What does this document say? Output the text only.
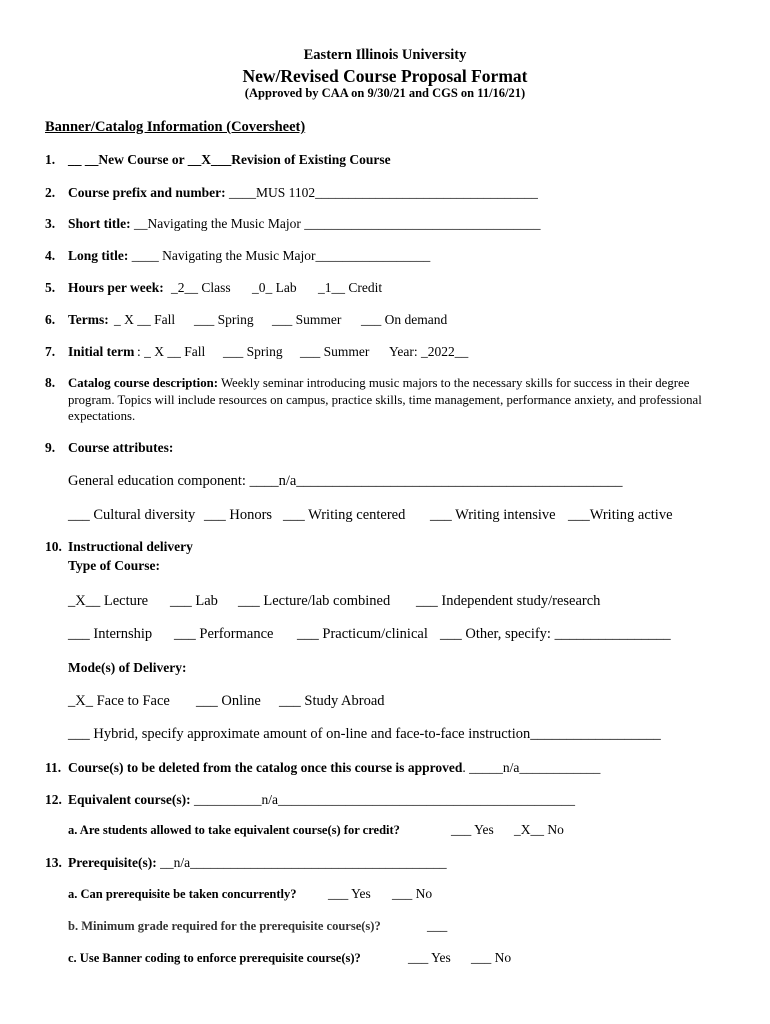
Eastern Illinois University
New/Revised Course Proposal Format
(Approved by CAA on 9/30/21 and CGS on 11/16/21)
Banner/Catalog Information (Coversheet)
1. __ __New Course or __X___Revision of Existing Course
2. Course prefix and number: ____MUS 1102_________________________________
3. Short title: __Navigating the Music Major ___________________________________
4. Long title: ____ Navigating the Music Major_________________
5. Hours per week: _2__ Class _0_ Lab _1__ Credit
6. Terms: _ X __ Fall ___ Spring ___ Summer ___ On demand
7. Initial term : _ X __ Fall ___ Spring ___ Summer Year: _2022__
8. Catalog course description: Weekly seminar introducing music majors to the necessary skills for success in their degree program. Topics will include resources on campus, practice skills, time management, performance anxiety, and professional expectations.
9. Course attributes:
General education component: ____n/a_____________________________________________
___ Cultural diversity ___ Honors ___ Writing centered ___ Writing intensive ___Writing active
10. Instructional delivery
Type of Course:
_X__ Lecture ___ Lab ___ Lecture/lab combined ___ Independent study/research
___ Internship ___ Performance ___ Practicum/clinical ___ Other, specify: ________________
Mode(s) of Delivery:
_X_ Face to Face ___ Online ___ Study Abroad
___ Hybrid, specify approximate amount of on-line and face-to-face instruction__________________
11. Course(s) to be deleted from the catalog once this course is approved. _____n/a____________
12. Equivalent course(s): __________n/a____________________________________________
a. Are students allowed to take equivalent course(s) for credit?	___ Yes _X__ No
13. Prerequisite(s): __n/a______________________________________
a. Can prerequisite be taken concurrently? ___ Yes ___ No
b. Minimum grade required for the prerequisite course(s)?	___
c. Use Banner coding to enforce prerequisite course(s)?	___ Yes ___ No
